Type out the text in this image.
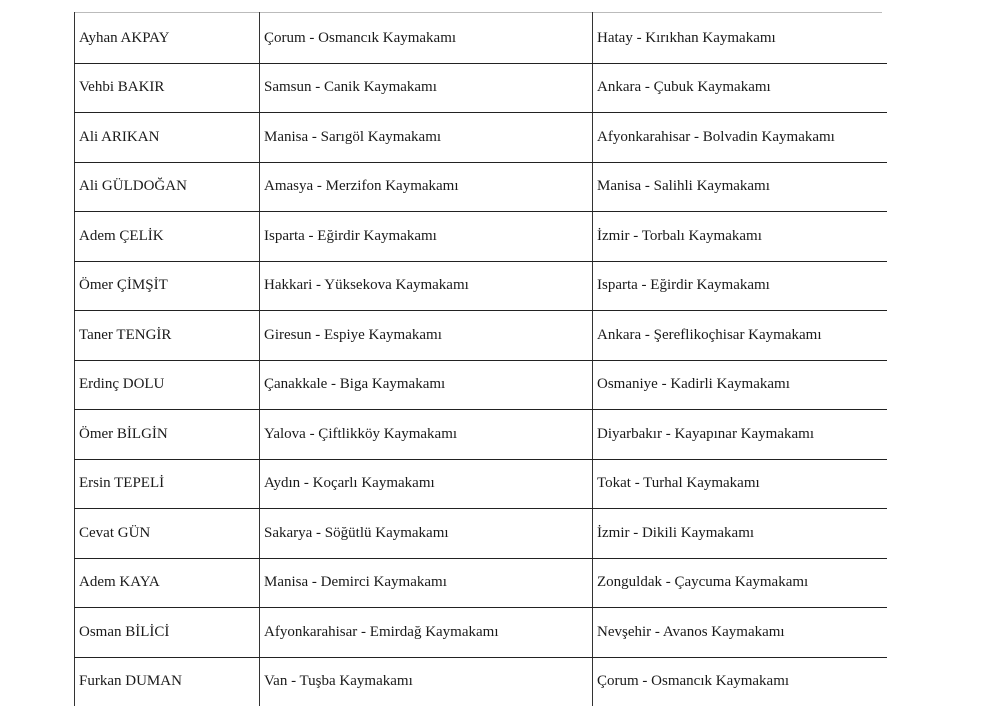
Ayhan AKPAY	Çorum - Osmancık Kaymakamı	Hatay - Kırıkhan Kaymakamı
Vehbi BAKIR	Samsun - Canik Kaymakamı	Ankara - Çubuk Kaymakamı
Ali ARIKAN	Manisa - Sarıgöl Kaymakamı	Afyonkarahisar - Bolvadin Kaymakamı
Ali GÜLDOĞAN	Amasya - Merzifon Kaymakamı	Manisa - Salihli Kaymakamı
Adem ÇELİK	Isparta - Eğirdir Kaymakamı	İzmir - Torbalı Kaymakamı
Ömer ÇİMŞİT	Hakkari - Yüksekova Kaymakamı	Isparta - Eğirdir Kaymakamı
Taner TENGİR	Giresun - Espiye Kaymakamı	Ankara - Şereflikoçhisar Kaymakamı
Erdinç DOLU	Çanakkale - Biga Kaymakamı	Osmaniye - Kadirli Kaymakamı
Ömer BİLGİN	Yalova - Çiftlikköy Kaymakamı	Diyarbakır - Kayapınar Kaymakamı
Ersin TEPELİ	Aydın - Koçarlı Kaymakamı	Tokat - Turhal Kaymakamı
Cevat GÜN	Sakarya - Söğütlü Kaymakamı	İzmir - Dikili Kaymakamı
Adem KAYA	Manisa - Demirci Kaymakamı	Zonguldak - Çaycuma Kaymakamı
Osman BİLİCİ	Afyonkarahisar - Emirdağ Kaymakamı	Nevşehir - Avanos Kaymakamı
Furkan DUMAN	Van - Tuşba Kaymakamı	Çorum - Osmancık Kaymakamı
